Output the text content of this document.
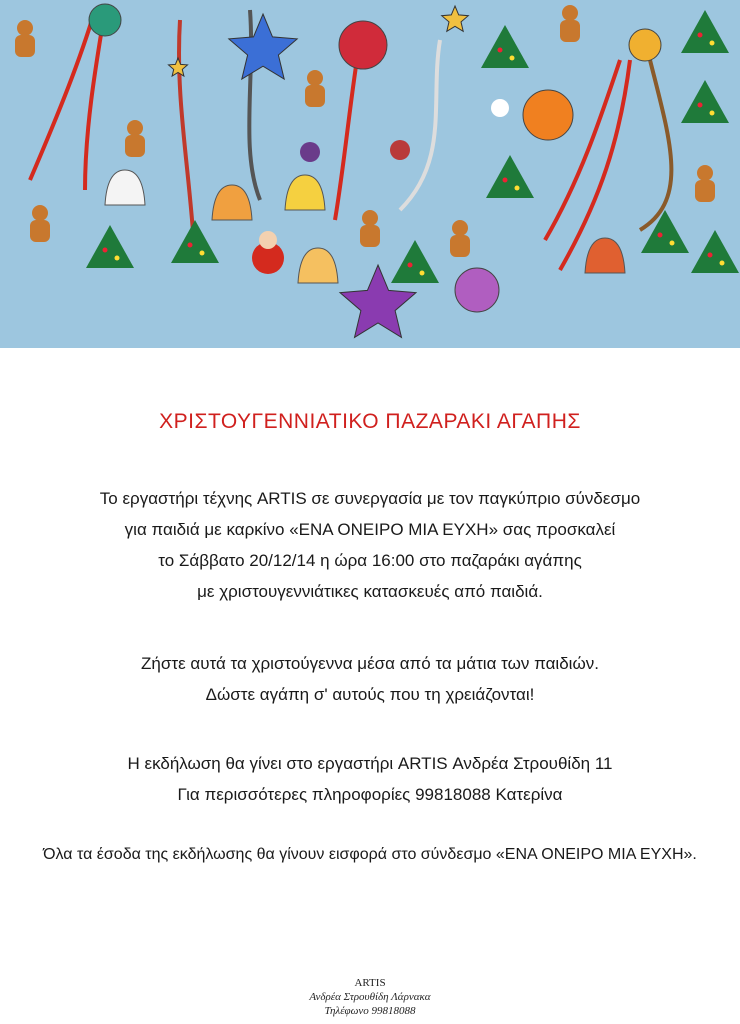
ΧΡΙΣΤΟΥΓΕΝΝΙΑΤΙΚΟ ΠΑΖΑΡΑΚΙ ΑΓΑΠΗΣ
Το εργαστήρι τέχνης ARTIS σε συνεργασία με τον παγκύπριο σύνδεσμο
για παιδιά με καρκίνο «ΕΝΑ ΟΝΕΙΡΟ ΜΙΑ ΕΥΧΗ» σας προσκαλεί
το Σάββατο 20/12/14 η ώρα 16:00 στο παζαράκι αγάπης
με χριστουγεννιάτικες κατασκευές από παιδιά.
Ζήστε αυτά τα χριστούγεννα μέσα από τα μάτια των παιδιών.
Δώστε αγάπη σ' αυτούς που τη χρειάζονται!
Η εκδήλωση θα γίνει στο εργαστήρι ARTIS Ανδρέα Στρουθίδη 11
Για περισσότερες πληροφορίες 99818088 Κατερίνα
Όλα τα έσοδα της εκδήλωσης θα γίνουν εισφορά στο σύνδεσμο «ΕΝΑ ΟΝΕΙΡΟ ΜΙΑ ΕΥΧΗ».
ARTIS
Ανδρέα Στρουθίδη Λάρνακα
Τηλέφωνο 99818088
